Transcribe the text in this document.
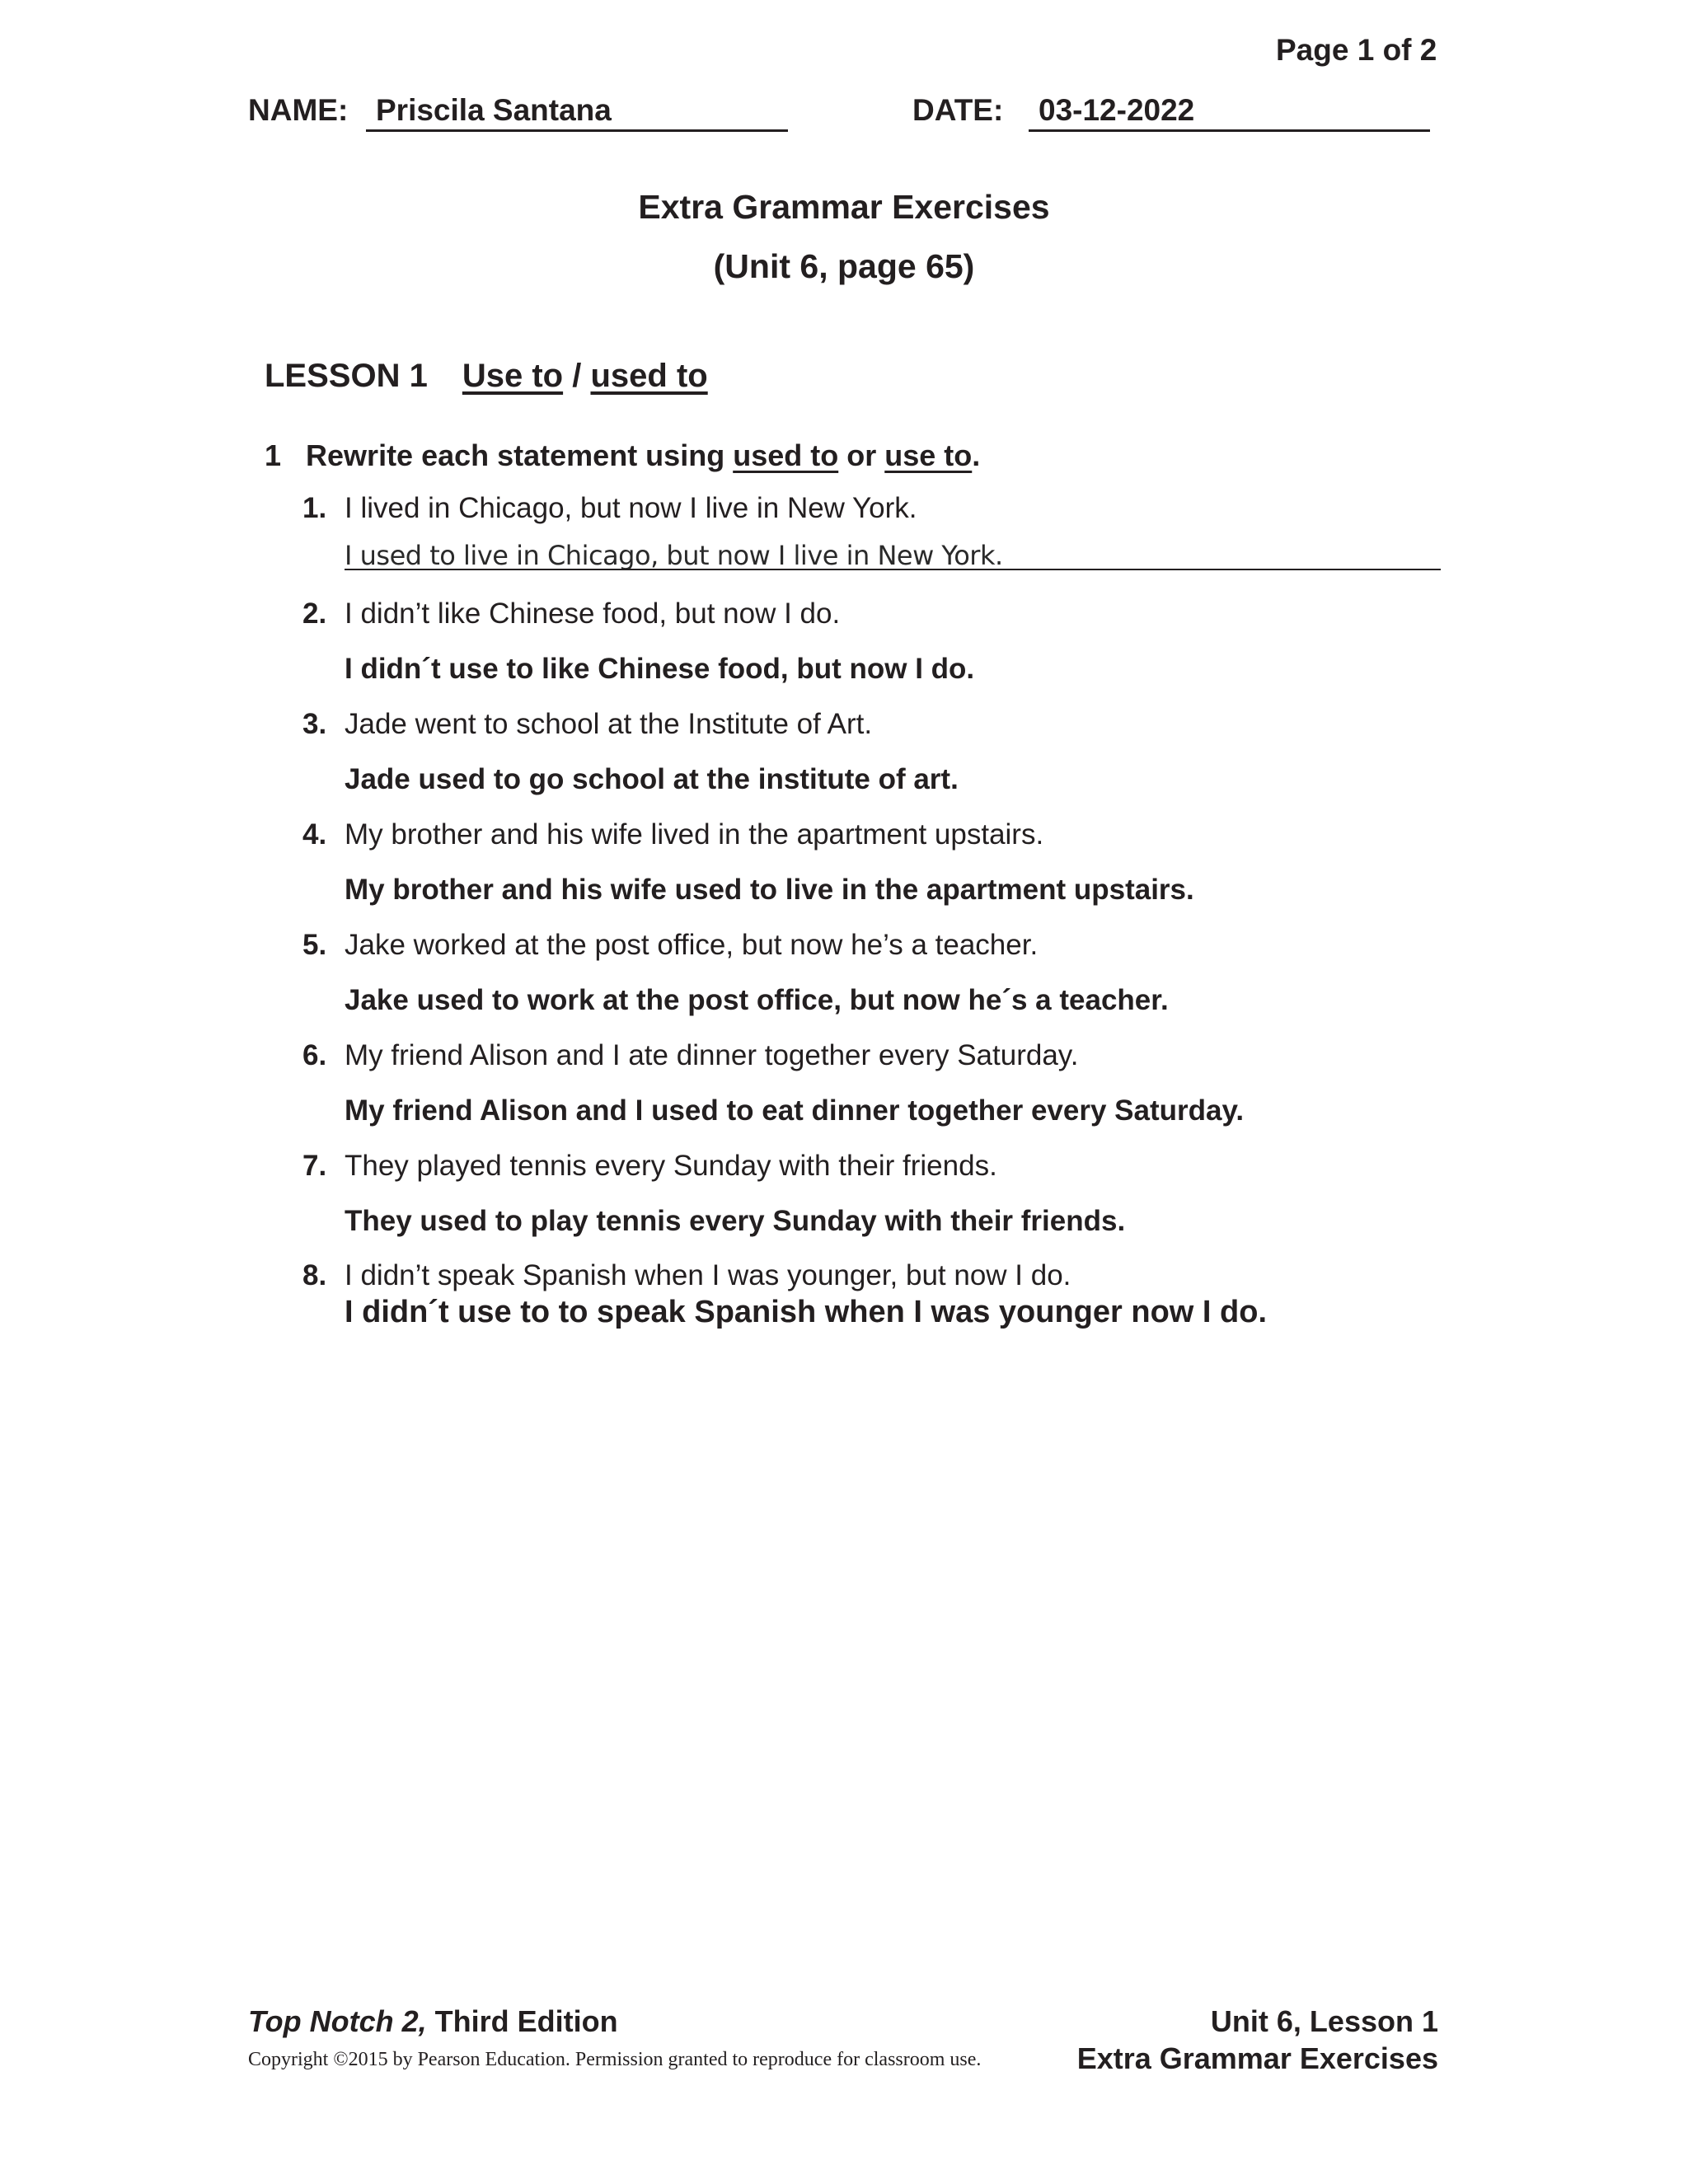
Page 1 of 2
NAME: Priscila Santana	DATE:	03-12-2022
Extra Grammar Exercises
(Unit 6, page 65)
LESSON 1 Use to / used to
1 Rewrite each statement using used to or use to.
1. I lived in Chicago, but now I live in New York.
I used to live in Chicago, but now I live in New York.
2. I didn’t like Chinese food, but now I do.
I didn´t use to like Chinese food, but now I do.
3. Jade went to school at the Institute of Art.
Jade used to go school at the institute of art.
4. My brother and his wife lived in the apartment upstairs.
My brother and his wife used to live in the apartment upstairs.
5. Jake worked at the post office, but now he’s a teacher.
Jake used to work at the post office, but now he´s a teacher.
6. My friend Alison and I ate dinner together every Saturday.
My friend Alison and I used to eat dinner together every Saturday.
7. They played tennis every Sunday with their friends.
They used to play tennis every Sunday with their friends.
8. I didn’t speak Spanish when I was younger, but now I do.
I didn´t use to to speak Spanish when I was younger now I do.
Top Notch 2, Third Edition
Copyright ©2015 by Pearson Education. Permission granted to reproduce for classroom use.
Unit 6, Lesson 1
Extra Grammar Exercises
